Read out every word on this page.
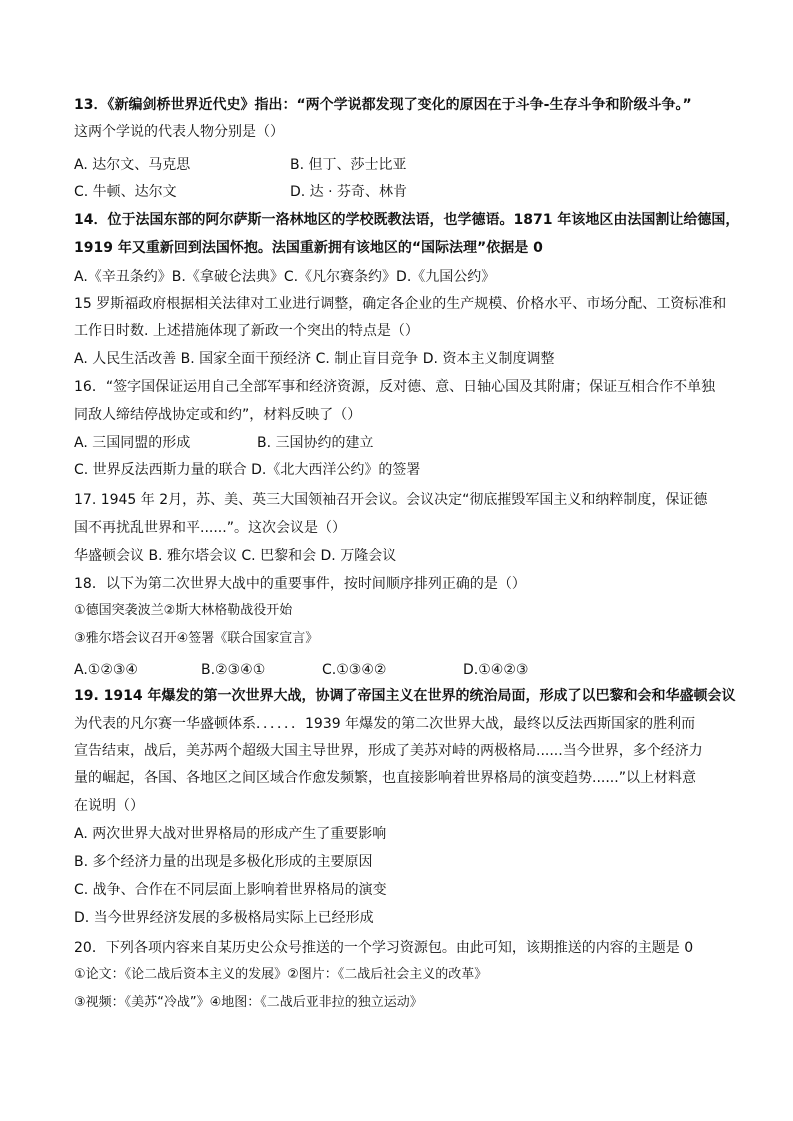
13．《新编剑桥世界近代史》指出：“两个学说都发现了变化的原因在于斗争-生存斗争和阶级斗争。”
这两个学说的代表人物分别是（）
A. 达尔文、马克思	B. 但丁、莎士比亚
C. 牛顿、达尔文	D. 达 · 芬奇、林肯
14．位于法国东部的阿尔萨斯一洛林地区的学校既教法语，也学德语。1871 年该地区由法国割让给德国，
1919 年又重新回到法国怀抱。法国重新拥有该地区的“国际法理”依据是 0
A.《辛丑条约》B.《拿破仑法典》C.《凡尔赛条约》D.《九国公约》
15 罗斯福政府根据相关法律对工业进行调整，确定各企业的生产规模、价格水平、市场分配、工资标准和
工作日时数. 上述措施体现了新政一个突出的特点是（）
A. 人民生活改善 B. 国家全面干预经济 C. 制止盲目竞争 D. 资本主义制度调整
16．“签字国保证运用自己全部军事和经济资源，反对德、意、日轴心国及其附庸；保证互相合作不单独
同敌人缔结停战协定或和约”，材料反映了（）
A. 三国同盟的形成	B. 三国协约的建立
C. 世界反法西斯力量的联合 D.《北大西洋公约》的签署
17. 1945 年 2月，苏、美、英三大国领袖召开会议。会议决定“彻底摧毁军国主义和纳粹制度，保证德
国不再扰乱世界和平......”。这次会议是（）
华盛顿会议 B. 雅尔塔会议 C. 巴黎和会 D. 万隆会议
18．以下为第二次世界大战中的重要事件，按时间顺序排列正确的是（）
①德国突袭波兰②斯大林格勒战役开始
③雅尔塔会议召开④签署《联合国家宣言》
A.①②③④	B.②③④①	C.①③④②	D.①④②③
19. 1914 年爆发的第一次世界大战，协调了帝国主义在世界的统治局面，形成了以巴黎和会和华盛顿会议
为代表的凡尔赛一华盛顿体系．．．．．．1939 年爆发的第二次世界大战，最终以反法西斯国家的胜利而
宣告结束，战后，美苏两个超级大国主导世界，形成了美苏对峙的两极格局......当今世界，多个经济力
量的崛起，各国、各地区之间区域合作愈发频繁，也直接影响着世界格局的演变趋势......”以上材料意
在说明（）
A. 两次世界大战对世界格局的形成产生了重要影响
B. 多个经济力量的出现是多极化形成的主要原因
C. 战争、合作在不同层面上影响着世界格局的演变
D. 当今世界经济发展的多极格局实际上已经形成
20．下列各项内容来自某历史公众号推送的一个学习资源包。由此可知，该期推送的内容的主题是 0
①论文：《论二战后资本主义的发展》②图片：《二战后社会主义的改革》
③视频：《美苏“冷战”》④地图：《二战后亚非拉的独立运动》
